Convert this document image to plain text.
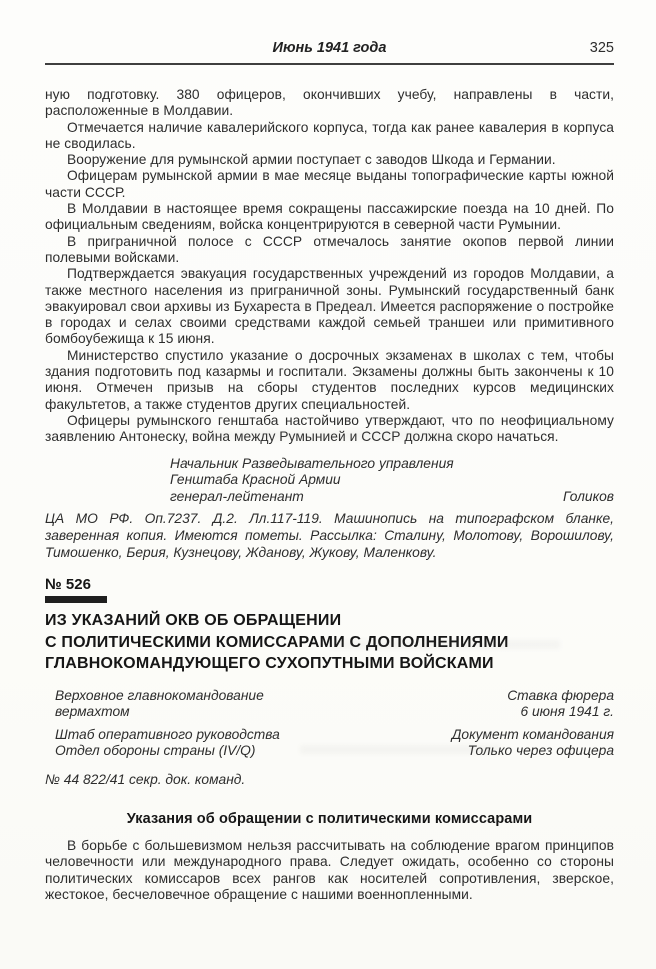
Июнь 1941 года	325

ную подготовку. 380 офицеров, окончивших учебу, направлены в части, расположенные в Молдавии.

Отмечается наличие кавалерийского корпуса, тогда как ранее кавалерия в корпуса не сводилась.

Вооружение для румынской армии поступает с заводов Шкода и Германии.

Офицерам румынской армии в мае месяце выданы топографические карты южной части СССР.

В Молдавии в настоящее время сокращены пассажирские поезда на 10 дней. По официальным сведениям, войска концентрируются в северной части Румынии.

В приграничной полосе с СССР отмечалось занятие окопов первой линии полевыми войсками.

Подтверждается эвакуация государственных учреждений из городов Молдавии, а также местного населения из приграничной зоны. Румынский государственный банк эвакуировал свои архивы из Бухареста в Предеал. Имеется распоряжение о постройке в городах и селах своими средствами каждой семьей траншеи или примитивного бомбоубежища к 15 июня.

Министерство спустило указание о досрочных экзаменах в школах с тем, чтобы здания подготовить под казармы и госпитали. Экзамены должны быть закончены к 10 июня. Отмечен призыв на сборы студентов последних курсов медицинских факультетов, а также студентов других специальностей.

Офицеры румынского генштаба настойчиво утверждают, что по неофициальному заявлению Антонеску, война между Румынией и СССР должна скоро начаться.

Начальник Разведывательного управления
Генштаба Красной Армии
генерал-лейтенант	Голиков

ЦА МО РФ. Оп.7237. Д.2. Лл.117-119. Машинопись на типографском бланке, заверенная копия. Имеются пометы. Рассылка: Сталину, Молотову, Ворошилову, Тимошенко, Берия, Кузнецову, Жданову, Жукову, Маленкову.

№ 526
ИЗ УКАЗАНИЙ ОКВ ОБ ОБРАЩЕНИИ
С ПОЛИТИЧЕСКИМИ КОМИССАРАМИ С ДОПОЛНЕНИЯМИ
ГЛАВНОКОМАНДУЮЩЕГО СУХОПУТНЫМИ ВОЙСКАМИ
Верховное главнокомандование	Ставка фюрера
вермахтом	6 июня 1941 г.
Штаб оперативного руководства	Документ командования
Отдел обороны страны (IV/Q)	Только через офицера
№ 44 822/41 секр. док. команд.
Указания об обращении с политическими комиссарами

В борьбе с большевизмом нельзя рассчитывать на соблюдение врагом принципов человечности или международного права. Следует ожидать, особенно со стороны политических комиссаров всех рангов как носителей сопротивления, зверское, жестокое, бесчеловечное обращение с нашими военнопленными.
